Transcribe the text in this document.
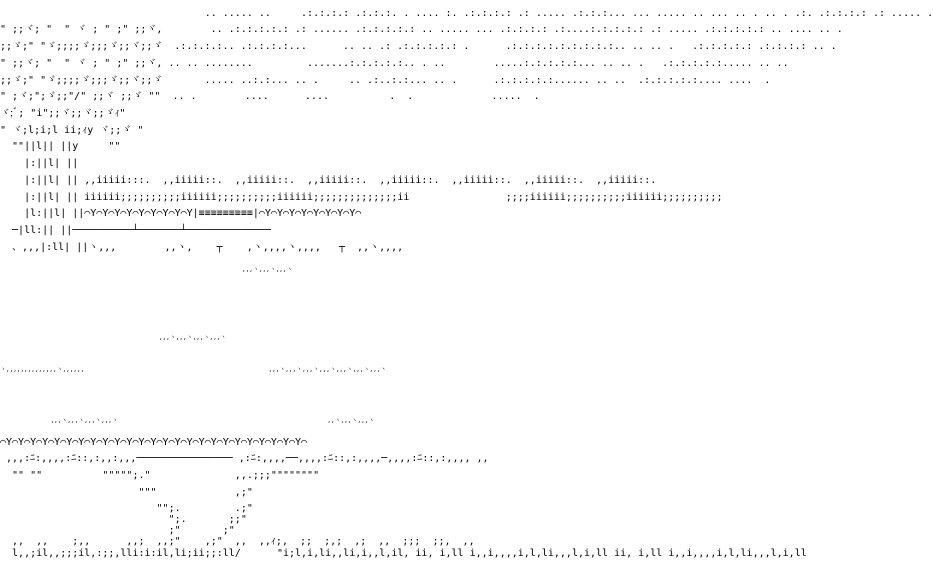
.. ..... ..     .:.:.:.: .:.:.:. . .... :. .:.:.:.: .: ..... .:.:.:... ... ..... .. ... .. . .. . .:. .:.:.:.: .: ..... .
" ;;ヾ; "  " ヾ ; " ;" ;;ヾ,        .. .:.:.:.:.: .: ...... .:.:.:.:.: .. ..... ... .:.:.:.: .:....:.:.:.:.: .: ..... .:.:.:.:.: .. .... .. .
;;ゞ;" "ゞ;;;;ゞ;;;ゞ;;ヾ;;ゞ  .:.:.:.:.. .:.:.:.:...      .. .. .: .:.:.:.:.: .      .:.:.:.:.:.:.:.:.:.. .. .. .   .:.:.:.:.: .:.:.:.: .. .
" ;;ヾ; "  " ヾ ; " ;" ;;ヾ, .. .. ........         .......:.:.:.:.:.. . ..        .....:.:.:.:.:... .. .. .   .:.:.:.:.:..... .. ..
;;ゞ;" "ゞ;;;;ゞ;;;ゞ;;ヾ;;ゞ       ..... ..:.:... .. .     .. .:..:.:... .. .      .:.:.:.:.:...... .. ..  .:.:.:.:.:.... ....  .
" ;ヾ;";ゞ;;"/" ;;ヾ ;;ゞ ""  .. .        ....      ....          .  .             .....  .
ヾ;ﾞ; "i";;ヾ;;ヾ;;ゞｨ"
" ヾ;l;i;l ii;ｨy ヾ;;ゞ "
""||l|| ||y     ""
|:||l| ||
|:||l| || ,,iiiii:::.  ,,iiiii::.  ,,iiiii::.  ,,iiiii::.  ,,iiiii::.  ,,iiiii::.  ,,iiiii::.  ,,iiiii::.
|:||l| || iiiiii;;;;;;;;;;iiiiii;;;;;;;;;;iiiiii;;;;;;;;;;;;;;ii                ;;;;iiiiii;;;;;;;;;;iiiiii;;;;;;;;;;
|l:||l| ||⌒Y⌒Y⌒Y⌒Y⌒Y⌒Y⌒Y⌒Y⌒Y|≡≡≡≡≡≡≡≡≡|⌒Y⌒Y⌒Y⌒Y⌒Y⌒Y⌒Y⌒Y⌒
─|ll:|| ||──────────┴───────┴──────────────
、,,,|:ll| ||ヽ,,,        ,,ヽ,    ┬    ,ヽ,,,,ヽ,,,,   ┬  ,,ヽ,,,,
,,,ヽ,,,ヽ,,,ヽ
,,,ヽ,,,ヽ,,,ヽ,,,ヽ
ヽ,,,,,,,,,,,,,,ヽ,,,,,,                                                   ,,,ヽ,,,ヽ,,,ヽ,,,ヽ,,,ヽ,,,ヽ,,,ヽ
,,,ヽ,,,ヽ,,,ヽ,,,ヽ                                                          ,,ヽ,,,ヽ,,,ヽ
⌒Y⌒Y⌒Y⌒Y⌒Y⌒Y⌒Y⌒Y⌒Y⌒Y⌒Y⌒Y⌒Y⌒Y⌒Y⌒Y⌒Y⌒Y⌒Y⌒Y⌒Y⌒Y⌒Y⌒Y⌒Y⌒
,,,:ﾆ:,,,,:ﾆ::,:,,:,,,──────────────── ,:ﾆ:,,,,──,,,,:ﾆ::,:,,,,─,,,,:ﾆ::,:,,,, ,,
"" ""          """"";."              ,,.;;;""""""""
"""             ,;"
"";.         .;"
";.       ;;"
;"       ;"
,,  ,,    ;,,      ,,;  ,,;"    ,;"  ,,  ,,ｨ;,  ;;  ;,;  ,;  ,,  ;;;  ;;,  ,,
l,,;il,,;;;il,:;;,lli:i:il,li;ii;;:ll/      "i;l,i,li,,li,i,,l,il, ii, i,ll i,,i,,,,i,l,li,,,l,i,ll ii, i,ll i,,i,,,,i,l,li,,,l,i,ll
